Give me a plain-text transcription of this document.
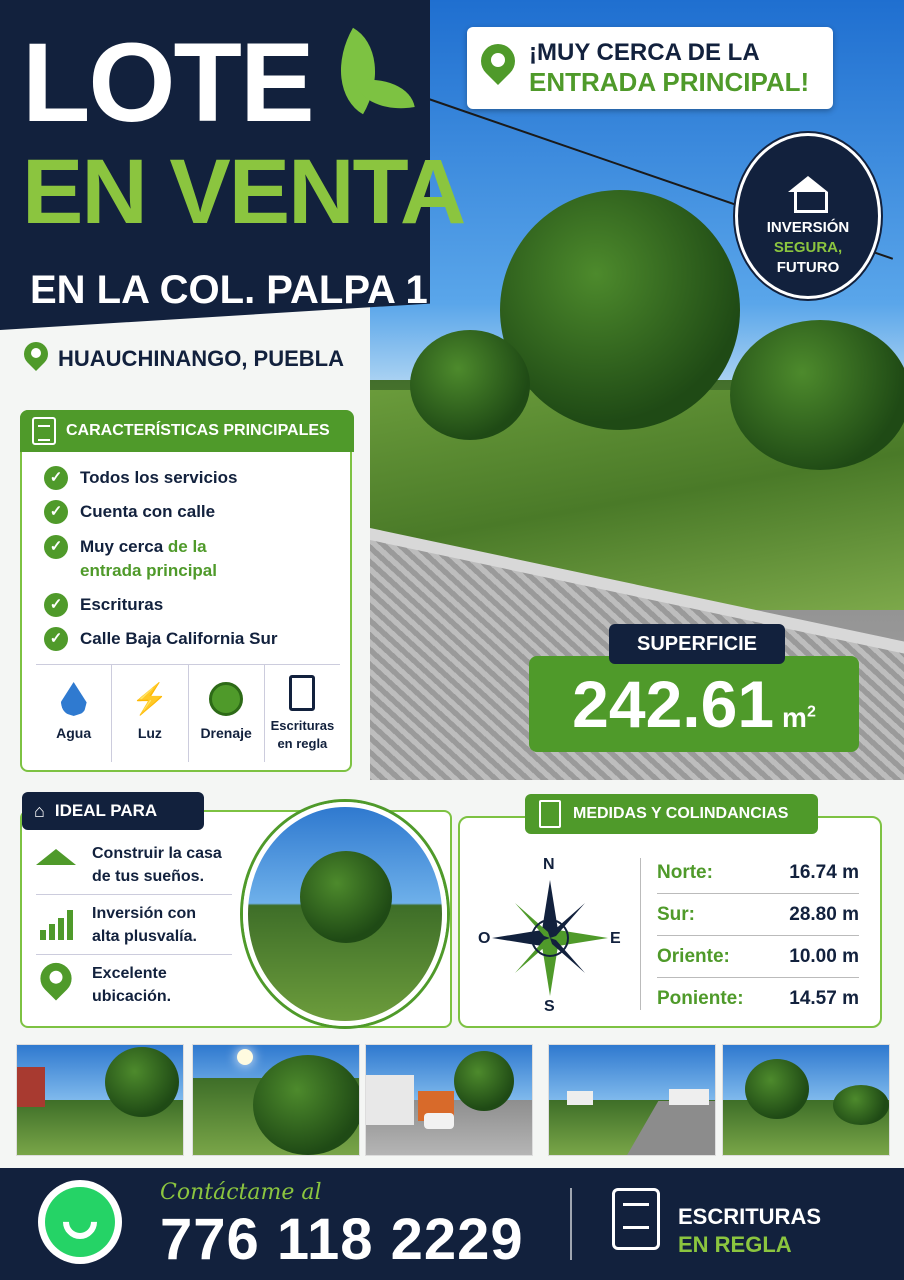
LOTE
EN VENTA
EN LA COL. PALPA 1
HUAUCHINANGO, PUEBLA
¡MUY CERCA DE LA
ENTRADA PRINCIPAL!
INVERSIÓN
SEGURA,
FUTURO
CARACTERÍSTICAS PRINCIPALES
✓	Todos los servicios
✓	Cuenta con calle
✓	Muy cerca de la
entrada principal
✓	Escrituras
✓	Calle Baja California Sur
Agua
⚡
Luz	Drenaje	Escrituras en regla
242.61 $m^2$
SUPERFICIE
Construir la casa de tus sueños.
Inversión con alta plusvalía.
Excelente ubicación.
⌂ IDEAL PARA	MEDIDAS Y COLINDANCIAS
N
S
O	E
Norte:	16.74 m
Sur:	28.80 m
Oriente:	10.00 m
Poniente: 14.57 m
Contáctame al
776 118 2229	ESCRITURAS
EN REGLA
